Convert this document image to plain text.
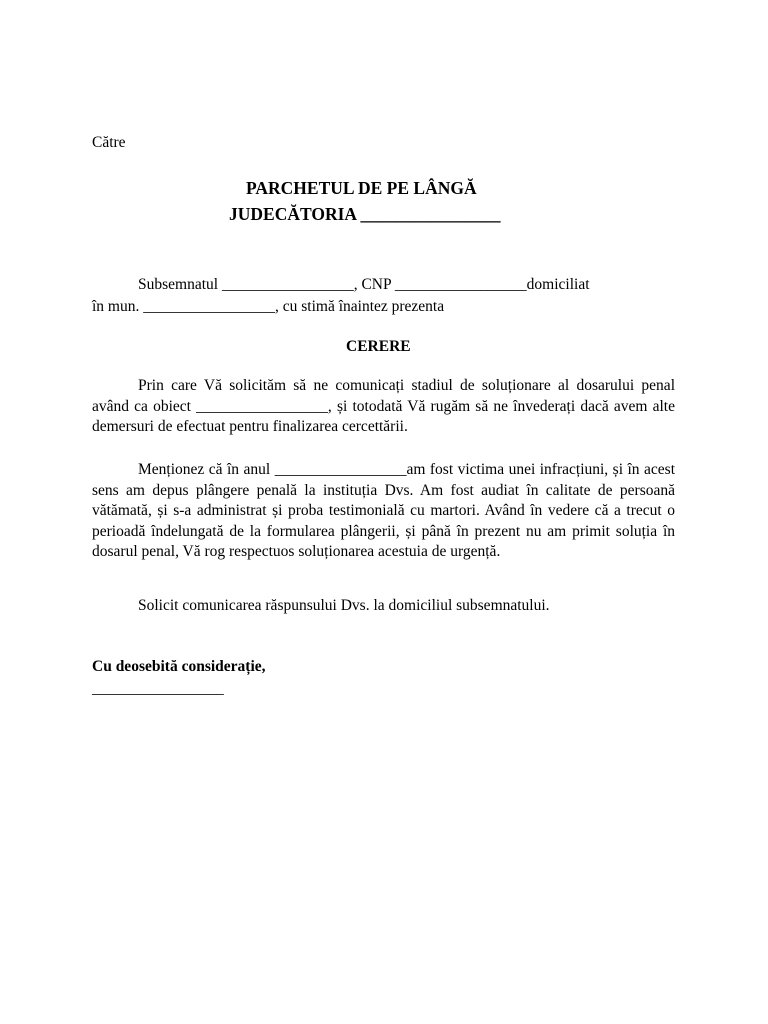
Către
PARCHETUL DE PE LÂNGĂ
JUDECĂTORIA ________________
Subsemnatul _________________, CNP _________________domiciliat
în mun. _________________, cu stimă înaintez prezenta
CERERE

Prin care Vă solicităm să ne comunicați stadiul de soluționare al dosarului penal având ca obiect _________________, și totodată Vă rugăm să ne învederați dacă avem alte demersuri de efectuat pentru finalizarea cercettării.

Menționez că în anul _________________am fost victima unei infracțiuni, și în acest sens am depus plângere penală la instituția Dvs. Am fost audiat în calitate de persoană vătămată, și s-a administrat și proba testimonială cu martori. Având în vedere că a trecut o perioadă îndelungată de la formularea plângerii, și până în prezent nu am primit soluția în dosarul penal, Vă rog respectuos soluționarea acestuia de urgență.

Solicit comunicarea răspunsului Dvs. la domiciliul subsemnatului.
Cu deosebită considerație,
_________________
